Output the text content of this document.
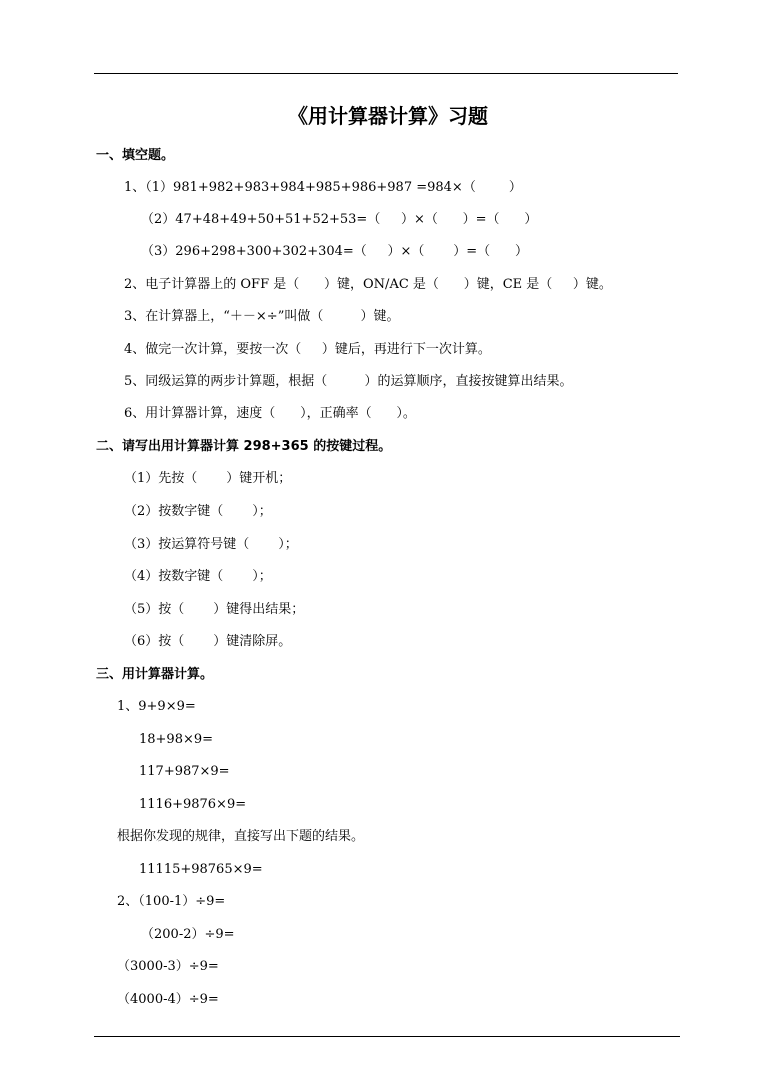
《用计算器计算》习题
一、填空题。
1、（1）981+982+983+984+985+986+987 =984×（        ）
（2）47+48+49+50+51+52+53=（     ）×（      ）=（      ）
（3）296+298+300+302+304=（     ）×（       ）=（      ）
2、电子计算器上的 OFF 是（      ）键，ON/AC 是（      ）键，CE 是（     ）键。
3、在计算器上，“＋－×÷”叫做（         ）键。
4、做完一次计算，要按一次（     ）键后，再进行下一次计算。
5、同级运算的两步计算题，根据（         ）的运算顺序，直接按键算出结果。
6、用计算器计算，速度（      ），正确率（      ）。
二、请写出用计算器计算 298+365 的按键过程。
（1）先按（       ）键开机；
（2）按数字键（       ）；
（3）按运算符号键（       ）；
（4）按数字键（       ）；
（5）按（       ）键得出结果；
（6）按（       ）键清除屏。
三、用计算器计算。
1、9+9×9=
18+98×9=
117+987×9=
1116+9876×9=
根据你发现的规律，直接写出下题的结果。
11115+98765×9=
2、（100-1）÷9=
（200-2）÷9=
（3000-3）÷9=
（4000-4）÷9=
